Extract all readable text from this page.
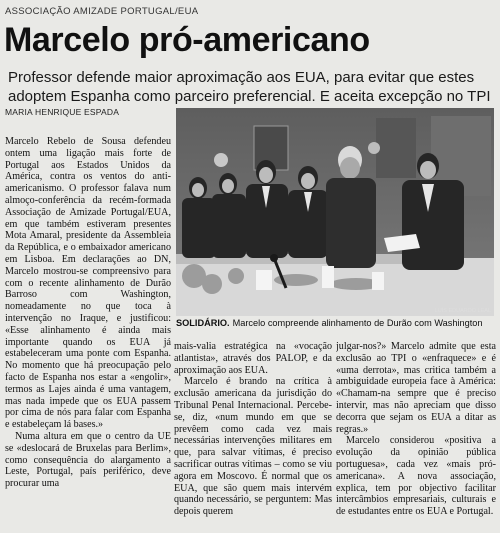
ASSOCIAÇÃO AMIZADE PORTUGAL/EUA
Marcelo pró-americano
Professor defende maior aproximação aos EUA, para evitar que estes adoptem Espanha como parceiro preferencial. E aceita excepção no TPI
MARIA HENRIQUE ESPADA
LUÍS EDUARDO LEAL
SOLIDÁRIO. Marcelo compreende alinhamento de Durão com Washington

Marcelo Rebelo de Sousa defendeu ontem uma ligação mais forte de Portugal aos Estados Unidos da América, contra os ventos do anti-americanismo. O professor falava num almoço-conferência da recém-formada Associação de Amizade Portugal/EUA, em que também estiveram presentes Mota Amaral, presidente da Assembleia da República, e o embaixador americano em Lisboa. Em declarações ao DN, Marcelo mostrou-se compreensivo para com o recente alinhamento de Durão Barroso com Washington, nomeadamente no que toca à intervenção no Iraque, e justificou: «Esse alinhamento é ainda mais importante quando os EUA já estabeleceram uma ponte com Espanha. No momento que há preocupação pelo facto de Espanha nos estar a «engolir», termos as Lajes ainda é uma vantagem, mas nada impede que os EUA passem por cima de nós para falar com Espanha e estabeleçam lá bases.»

Numa altura em que o centro da UE se «deslocará de Bruxelas para Berlim», como consequência do alargamento a Leste, Portugal, país periférico, deve procurar uma

mais-valia estratégica na «vocação atlantista», através dos PALOP, e da aproximação aos EUA.

Marcelo é brando na crítica à exclusão americana da jurisdição do Tribunal Penal Internacional. Percebe-se, diz, «num mundo em que se prevêem como cada vez mais necessárias intervenções militares em que, para salvar vítimas, é preciso sacrificar outras vítimas – como se viu agora em Moscovo. É normal que os EUA, que são quem mais intervém quando necessário, se perguntem: Mas depois querem

julgar-nos?» Marcelo admite que esta exclusão ao TPI o «enfraquece» e é «uma derrota», mas critica também a ambiguidade europeia face à América: «Chamam-na sempre que é preciso intervir, mas não apreciam que disso decorra que sejam os EUA a ditar as regras.»

Marcelo considerou «positiva a evolução da opinião pública portuguesa», cada vez «mais pró-americana». A nova associação, explica, tem por objectivo facilitar intercâmbios empresariais, culturais e de estudantes entre os EUA e Portugal.
